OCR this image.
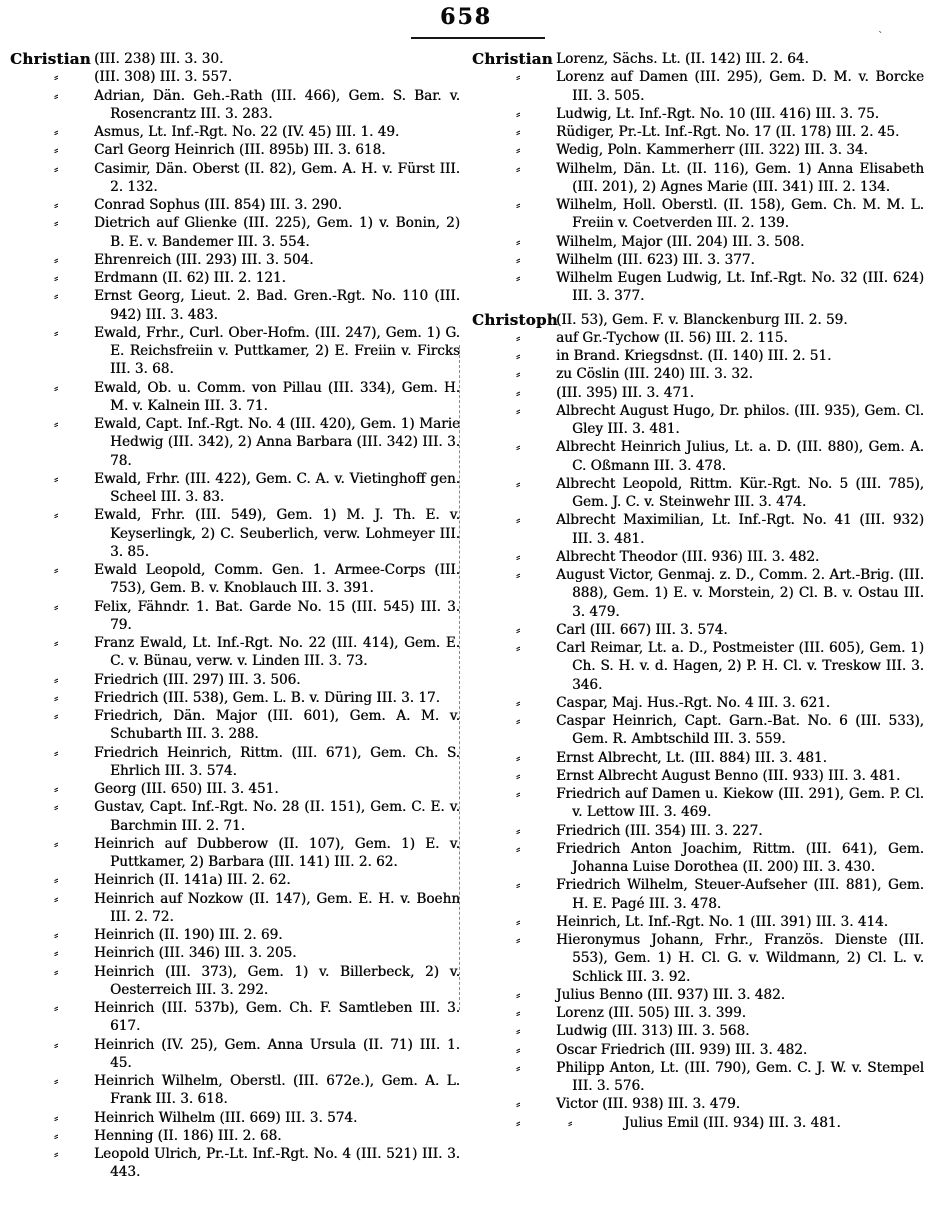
658
`
Christian (III. 238) III. 3. 30.
⸗	(III. 308) III. 3. 557.
⸗	Adrian, Dän. Geh.-Rath (III. 466), Gem. S. Bar. v. Rosencrantz III. 3. 283.
⸗	Asmus, Lt. Inf.-Rgt. No. 22 (IV. 45) III. 1. 49.
⸗	Carl Georg Heinrich (III. 895b) III. 3. 618.
⸗	Casimir, Dän. Oberst (II. 82), Gem. A. H. v. Fürst III. 2. 132.
⸗	Conrad Sophus (III. 854) III. 3. 290.
⸗	Dietrich auf Glienke (III. 225), Gem. 1) v. Bonin, 2) B. E. v. Bandemer III. 3. 554.
⸗	Ehrenreich (III. 293) III. 3. 504.
⸗	Erdmann (II. 62) III. 2. 121.
⸗	Ernst Georg, Lieut. 2. Bad. Gren.-Rgt. No. 110 (III. 942) III. 3. 483.
⸗	Ewald, Frhr., Curl. Ober-Hofm. (III. 247), Gem. 1) G. E. Reichsfreiin v. Puttkamer, 2) E. Freiin v. Fircks III. 3. 68.
⸗	Ewald, Ob. u. Comm. von Pillau (III. 334), Gem. H. M. v. Kalnein III. 3. 71.
⸗	Ewald, Capt. Inf.-Rgt. No. 4 (III. 420), Gem. 1) Marie Hedwig (III. 342), 2) Anna Barbara (III. 342) III. 3. 78.
⸗	Ewald, Frhr. (III. 422), Gem. C. A. v. Vietinghoff gen. Scheel III. 3. 83.
⸗	Ewald, Frhr. (III. 549), Gem. 1) M. J. Th. E. v. Keyserlingk, 2) C. Seuberlich, verw. Lohmeyer III. 3. 85.
⸗	Ewald Leopold, Comm. Gen. 1. Armee-Corps (III. 753), Gem. B. v. Knoblauch III. 3. 391.
⸗	Felix, Fähndr. 1. Bat. Garde No. 15 (III. 545) III. 3. 79.
⸗	Franz Ewald, Lt. Inf.-Rgt. No. 22 (III. 414), Gem. E. C. v. Bünau, verw. v. Linden III. 3. 73.
⸗	Friedrich (III. 297) III. 3. 506.
⸗	Friedrich (III. 538), Gem. L. B. v. Düring III. 3. 17.
⸗	Friedrich, Dän. Major (III. 601), Gem. A. M. v. Schubarth III. 3. 288.
⸗	Friedrich Heinrich, Rittm. (III. 671), Gem. Ch. S. Ehrlich III. 3. 574.
⸗	Georg (III. 650) III. 3. 451.
⸗	Gustav, Capt. Inf.-Rgt. No. 28 (II. 151), Gem. C. E. v. Barchmin III. 2. 71.
⸗	Heinrich auf Dubberow (II. 107), Gem. 1) E. v. Puttkamer, 2) Barbara (III. 141) III. 2. 62.
⸗	Heinrich (II. 141a) III. 2. 62.
⸗	Heinrich auf Nozkow (II. 147), Gem. E. H. v. Boehn III. 2. 72.
⸗	Heinrich (II. 190) III. 2. 69.
⸗	Heinrich (III. 346) III. 3. 205.
⸗	Heinrich (III. 373), Gem. 1) v. Billerbeck, 2) v. Oesterreich III. 3. 292.
⸗	Heinrich (III. 537b), Gem. Ch. F. Samtleben III. 3. 617.
⸗	Heinrich (IV. 25), Gem. Anna Ursula (II. 71) III. 1. 45.
⸗	Heinrich Wilhelm, Oberstl. (III. 672e.), Gem. A. L. Frank III. 3. 618.
⸗	Heinrich Wilhelm (III. 669) III. 3. 574.
⸗	Henning (II. 186) III. 2. 68.
⸗	Leopold Ulrich, Pr.-Lt. Inf.-Rgt. No. 4 (III. 521) III. 3. 443.
Christian Lorenz, Sächs. Lt. (II. 142) III. 2. 64.
⸗	Lorenz auf Damen (III. 295), Gem. D. M. v. Borcke III. 3. 505.
⸗	Ludwig, Lt. Inf.-Rgt. No. 10 (III. 416) III. 3. 75.
⸗	Rüdiger, Pr.-Lt. Inf.-Rgt. No. 17 (II. 178) III. 2. 45.
⸗	Wedig, Poln. Kammerherr (III. 322) III. 3. 34.
⸗	Wilhelm, Dän. Lt. (II. 116), Gem. 1) Anna Elisabeth (III. 201), 2) Agnes Marie (III. 341) III. 2. 134.
⸗	Wilhelm, Holl. Oberstl. (II. 158), Gem. Ch. M. M. L. Freiin v. Coetverden III. 2. 139.
⸗	Wilhelm, Major (III. 204) III. 3. 508.
⸗	Wilhelm (III. 623) III. 3. 377.
⸗	Wilhelm Eugen Ludwig, Lt. Inf.-Rgt. No. 32 (III. 624) III. 3. 377.
Christoph
(II. 53), Gem. F. v. Blanckenburg III. 2. 59.
⸗	auf Gr.-Tychow (II. 56) III. 2. 115.
⸗	in Brand. Kriegsdnst. (II. 140) III. 2. 51.
⸗	zu Cöslin (III. 240) III. 3. 32.
⸗	(III. 395) III. 3. 471.
⸗	Albrecht August Hugo, Dr. philos. (III. 935), Gem. Cl. Gley III. 3. 481.
⸗	Albrecht Heinrich Julius, Lt. a. D. (III. 880), Gem. A. C. Oßmann III. 3. 478.
⸗	Albrecht Leopold, Rittm. Kür.-Rgt. No. 5 (III. 785), Gem. J. C. v. Steinwehr III. 3. 474.
⸗	Albrecht Maximilian, Lt. Inf.-Rgt. No. 41 (III. 932) III. 3. 481.
⸗	Albrecht Theodor (III. 936) III. 3. 482.
⸗	August Victor, Genmaj. z. D., Comm. 2. Art.-Brig. (III. 888), Gem. 1) E. v. Morstein, 2) Cl. B. v. Ostau III. 3. 479.
⸗	Carl (III. 667) III. 3. 574.
⸗	Carl Reimar, Lt. a. D., Postmeister (III. 605), Gem. 1) Ch. S. H. v. d. Hagen, 2) P. H. Cl. v. Treskow III. 3. 346.
⸗	Caspar, Maj. Hus.-Rgt. No. 4 III. 3. 621.
⸗	Caspar Heinrich, Capt. Garn.-Bat. No. 6 (III. 533), Gem. R. Ambtschild III. 3. 559.
⸗	Ernst Albrecht, Lt. (III. 884) III. 3. 481.
⸗	Ernst Albrecht August Benno (III. 933) III. 3. 481.
⸗	Friedrich auf Damen u. Kiekow (III. 291), Gem. P. Cl. v. Lettow III. 3. 469.
⸗	Friedrich (III. 354) III. 3. 227.
⸗	Friedrich Anton Joachim, Rittm. (III. 641), Gem. Johanna Luise Dorothea (II. 200) III. 3. 430.
⸗	Friedrich Wilhelm, Steuer-Aufseher (III. 881), Gem. H. E. Pagé III. 3. 478.
⸗	Heinrich, Lt. Inf.-Rgt. No. 1 (III. 391) III. 3. 414.
⸗	Hieronymus Johann, Frhr., Französ. Dienste (III. 553), Gem. 1) H. Cl. G. v. Wildmann, 2) Cl. L. v. Schlick III. 3. 92.
⸗	Julius Benno (III. 937) III. 3. 482.
⸗	Lorenz (III. 505) III. 3. 399.
⸗	Ludwig (III. 313) III. 3. 568.
⸗	Oscar Friedrich (III. 939) III. 3. 482.
⸗	Philipp Anton, Lt. (III. 790), Gem. C. J. W. v. Stempel III. 3. 576.
⸗	Victor (III. 938) III. 3. 479.
⸗	⸗	Julius Emil (III. 934) III. 3. 481.
